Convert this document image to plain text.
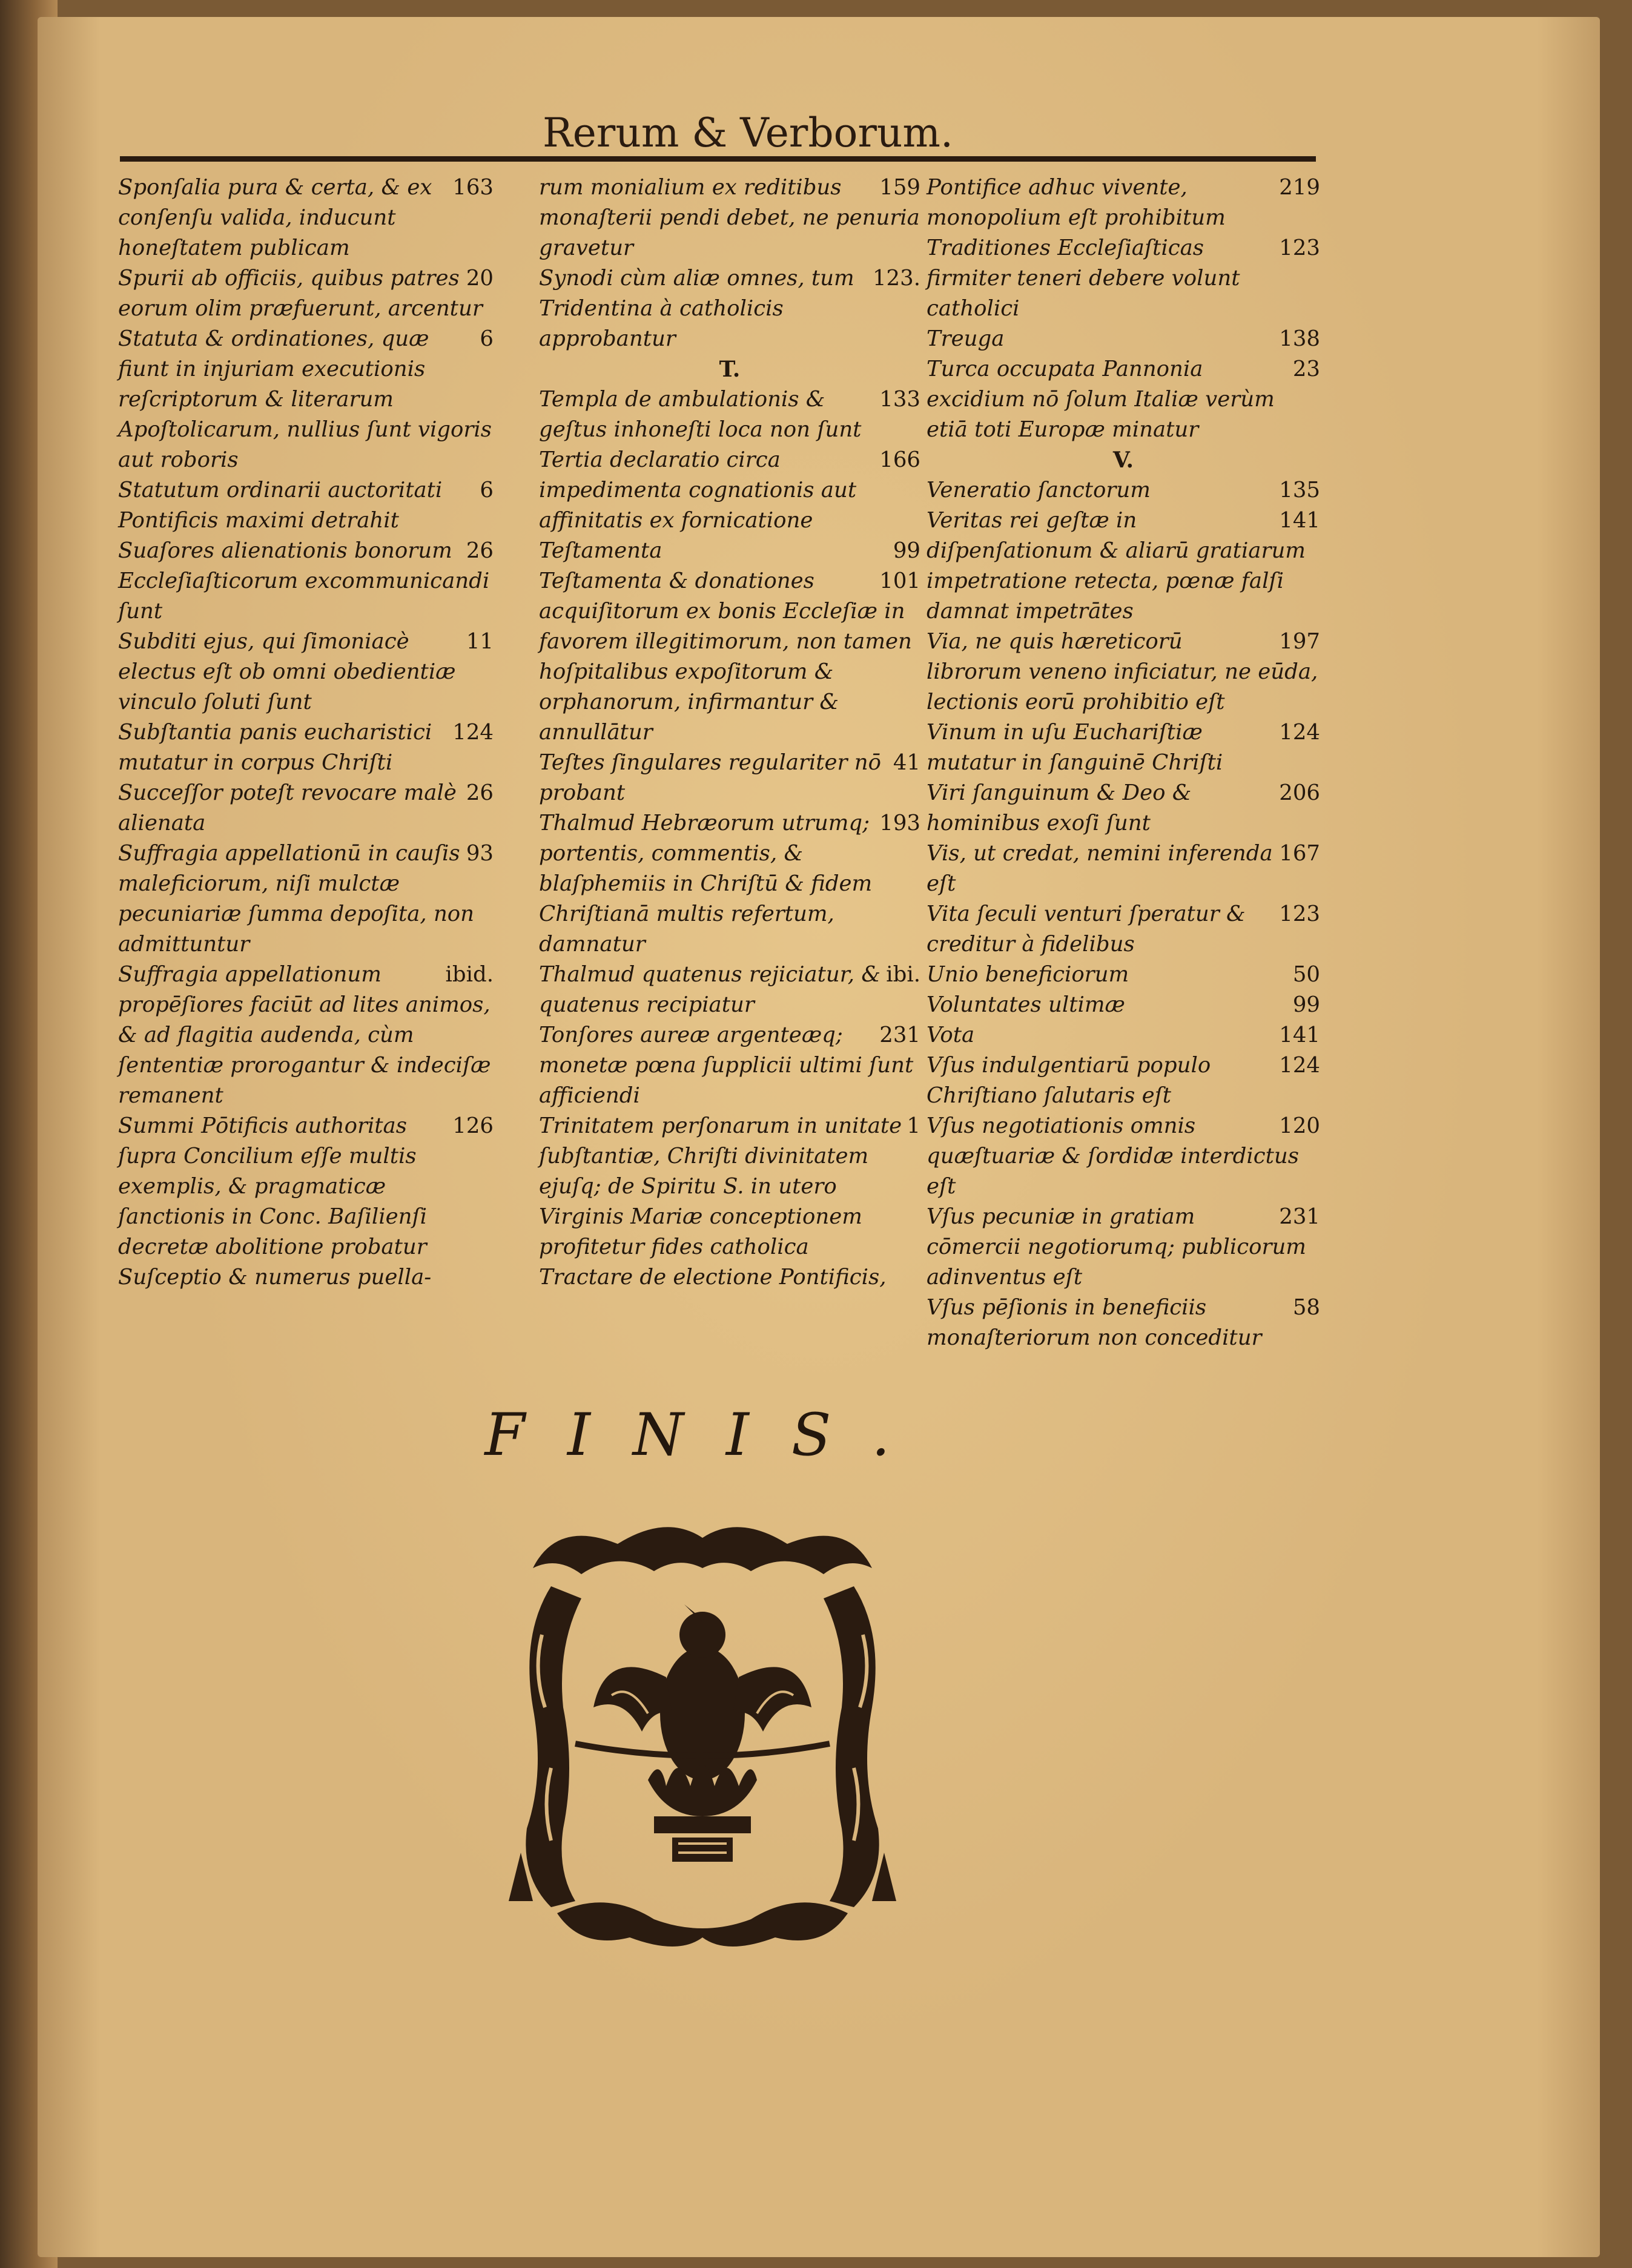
Rerum & Verborum.
163
Sponſalia pura & certa, & ex conſenſu valida, inducunt honeſtatem publicam
20
Spurii ab officiis, quibus patres eorum olim præfuerunt, arcentur
6
Statuta & ordinationes, quæ fiunt in injuriam executionis reſcriptorum & literarum Apoſtolicarum, nullius ſunt vigoris aut roboris
6
Statutum ordinarii auctoritati Pontificis maximi detrahit
26
Suaſores alienationis bonorum Eccleſiaſticorum excommunicandi ſunt
11
Subditi ejus, qui ſimoniacè electus eſt ob omni obedientiæ vinculo ſoluti ſunt
124
Subſtantia panis eucharistici mutatur in corpus Chriſti
26
Succeſſor poteſt revocare malè alienata
93
Suffragia appellationū in cauſis maleficiorum, niſi mulctæ pecuniariæ ſumma depoſita, non admittuntur
ibid.
Suffragia appellationum propēſiores faciūt ad lites animos, & ad flagitia audenda, cùm ſententiæ prorogantur & indeciſæ remanent
126
Summi Pōtificis authoritas ſupra Concilium eſſe multis exemplis, & pragmaticæ ſanctionis in Conc. Baſilienſi decretæ abolitione probatur
Suſceptio & numerus puella-
159
rum monialium ex reditibus monaſterii pendi debet, ne penuria gravetur
123.
Synodi cùm aliæ omnes, tum Tridentina à catholicis approbantur
T.
133
Templa de ambulationis & geſtus inhoneſti loca non ſunt
166
Tertia declaratio circa impedimenta cognationis aut affinitatis ex fornicatione
99
Teſtamenta
101
Teſtamenta & donationes acquiſitorum ex bonis Eccleſiæ in favorem illegitimorum, non tamen hoſpitalibus expoſitorum & orphanorum, infirmantur & annullātur
41
Teſtes ſingulares regulariter nō probant
193
Thalmud Hebræorum utrumq; portentis, commentis, & blaſphemiis in Chriſtū & fidem Chriſtianā multis refertum, damnatur
ibi.
Thalmud quatenus rejiciatur, & quatenus recipiatur
231
Tonſores aureæ argenteæq; monetæ pœna ſupplicii ultimi ſunt afficiendi
1
Trinitatem perſonarum in unitate ſubſtantiæ, Chriſti divinitatem ejuſq; de Spiritu S. in utero Virginis Mariæ conceptionem profitetur fides catholica
Tractare de electione Pontificis,
219
Pontifice adhuc vivente, monopolium eſt prohibitum
123
Traditiones Eccleſiaſticas firmiter teneri debere volunt catholici
138
Treuga
23
Turca occupata Pannonia excidium nō ſolum Italiæ verùm etiā toti Europæ minatur
V.
135
Veneratio ſanctorum
141
Veritas rei geſtæ in diſpenſationum & aliarū gratiarum impetratione retecta, pœnæ falſi damnat impetrātes
197
Via, ne quis hæreticorū librorum veneno inficiatur, ne eūda, lectionis eorū prohibitio eſt
124
Vinum in uſu Euchariſtiæ mutatur in ſanguinē Chriſti
206
Viri ſanguinum & Deo & hominibus exoſi ſunt
167
Vis, ut credat, nemini inferenda eſt
123
Vita ſeculi venturi ſperatur & creditur à fidelibus
50
Unio beneficiorum
99
Voluntates ultimæ
141
Vota
124
Vſus indulgentiarū populo Chriſtiano ſalutaris eſt
120
Vſus negotiationis omnis quæſtuariæ & ſordidæ interdictus eſt
231
Vſus pecuniæ in gratiam cōmercii negotiorumq; publicorum adinventus eſt
58
Vſus pēſionis in beneficiis monaſteriorum non conceditur
FINIS.
